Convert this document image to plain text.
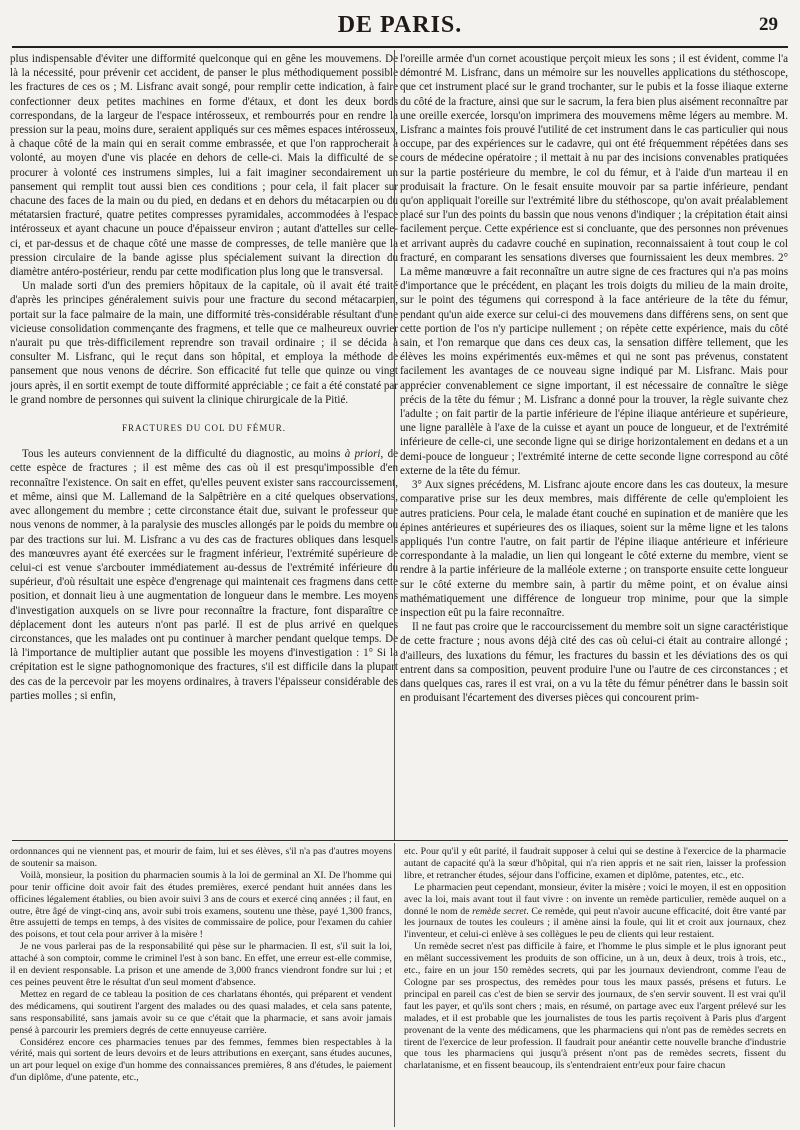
DE PARIS.	29

plus indispensable d'éviter une difformité quelconque qui en gêne les mouvemens. De là la nécessité, pour prévenir cet accident, de panser le plus méthodiquement possible les fractures de ces os ; M. Lisfranc avait songé, pour remplir cette indication, à faire confectionner deux petites machines en forme d'étaux, et dont les deux bords correspondans, de la largeur de l'espace intérosseux, et rembourrés pour en rendre la pression sur la peau, moins dure, seraient appliqués sur ces mêmes espaces intérosseux, à chaque côté de la main qui en serait comme embrassée, et que l'on rapprocherait à volonté, au moyen d'une vis placée en dehors de celle-ci. Mais la difficulté de se procurer à volonté ces instrumens simples, lui a fait imaginer secondairement un pansement qui remplit tout aussi bien ces conditions ; pour cela, il fait placer sur chacune des faces de la main ou du pied, en dedans et en dehors du métacarpien ou du métatarsien fracturé, quatre petites compresses pyramidales, accommodées à l'espace intérosseux et ayant chacune un pouce d'épaisseur environ ; autant d'attelles sur celle-ci, et par-dessus et de chaque côté une masse de compresses, de telle manière que la pression circulaire de la bande agisse plus spécialement suivant la direction du diamètre antéro-postérieur, rendu par cette modification plus long que le transversal.

Un malade sorti d'un des premiers hôpitaux de la capitale, où il avait été traité d'après les principes généralement suivis pour une fracture du second métacarpien, portait sur la face palmaire de la main, une difformité très-considérable résultant d'une vicieuse consolidation commençante des fragmens, et telle que ce malheureux ouvrier n'aurait pu que très-difficilement reprendre son travail ordinaire ; il se décida à consulter M. Lisfranc, qui le reçut dans son hôpital, et employa la méthode de pansement que nous venons de décrire. Son efficacité fut telle que quinze ou vingt jours après, il en sortit exempt de toute difformité appréciable ; ce fait a été constaté par le grand nombre de personnes qui suivent la clinique chirurgicale de la Pitié.

FRACTURES DU COL DU FÉMUR.

Tous les auteurs conviennent de la difficulté du diagnostic, au moins à priori, de cette espèce de fractures ; il est même des cas où il est presqu'impossible d'en reconnaître l'existence. On sait en effet, qu'elles peuvent exister sans raccourcissement, et même, ainsi que M. Lallemand de la Salpêtrière en a cité quelques observations, avec allongement du membre ; cette circonstance était due, suivant le professeur que nous venons de nommer, à la paralysie des muscles allongés par le poids du membre ou par des tractions sur lui. M. Lisfranc a vu des cas de fractures obliques dans lesquels des manœuvres ayant été exercées sur le fragment inférieur, l'extrémité supérieure de celui-ci est venue s'arcbouter immédiatement au-dessus de l'extrémité inférieure du supérieur, d'où résultait une espèce d'engrenage qui maintenait ces fragmens dans cette position, et donnait lieu à une augmentation de longueur dans le membre. Les moyens d'investigation auxquels on se livre pour reconnaître la fracture, font disparaître ce déplacement dont les auteurs n'ont pas parlé. Il est de plus arrivé en quelques circonstances, que les malades ont pu continuer à marcher pendant quelque temps. De là l'importance de multiplier autant que possible les moyens d'investigation : 1° Si la crépitation est le signe pathognomonique des fractures, s'il est difficile dans la plupart des cas de la percevoir par les moyens ordinaires, à travers l'épaisseur considérable des parties molles ; si enfin,

l'oreille armée d'un cornet acoustique perçoit mieux les sons ; il est évident, comme l'a démontré M. Lisfranc, dans un mémoire sur les nouvelles applications du stéthoscope, que cet instrument placé sur le grand trochanter, sur le pubis et la fosse iliaque externe du côté de la fracture, ainsi que sur le sacrum, la fera bien plus aisément reconnaître par une oreille exercée, lorsqu'on imprimera des mouvemens même légers au membre. M. Lisfranc a maintes fois prouvé l'utilité de cet instrument dans le cas particulier qui nous occupe, par des expériences sur le cadavre, qui ont été fréquemment répétées dans ses cours de médecine opératoire ; il mettait à nu par des incisions convenables pratiquées sur la partie postérieure du membre, le col du fémur, et à l'aide d'un marteau il en produisait la fracture. On le fesait ensuite mouvoir par sa partie inférieure, pendant qu'on appliquait l'oreille sur l'extrémité libre du stéthoscope, qu'on avait préalablement placé sur l'un des points du bassin que nous venons d'indiquer ; la crépitation était ainsi facilement perçue. Cette expérience est si concluante, que des personnes non prévenues et arrivant auprès du cadavre couché en supination, reconnaissaient à tout coup le col fracturé, en comparant les sensations diverses que fournissaient les deux membres. 2° La même manœuvre a fait reconnaître un autre signe de ces fractures qui n'a pas moins d'importance que le précédent, en plaçant les trois doigts du milieu de la main droite, sur le point des tégumens qui correspond à la face antérieure de la tête du fémur, pendant qu'un aide exerce sur celui-ci des mouvemens dans différens sens, on sent que cette portion de l'os n'y participe nullement ; on répète cette expérience, mais du côté sain, et l'on remarque que dans ces deux cas, la sensation diffère tellement, que les élèves les moins expérimentés eux-mêmes et qui ne sont pas prévenus, constatent facilement les avantages de ce nouveau signe indiqué par M. Lisfranc. Mais pour apprécier convenablement ce signe important, il est nécessaire de connaître le siège précis de la tête du fémur ; M. Lisfranc a donné pour la trouver, la règle suivante chez l'adulte ; on fait partir de la partie inférieure de l'épine iliaque antérieure et supérieure, une ligne parallèle à l'axe de la cuisse et ayant un pouce de longueur, et de l'extrémité inférieure de celle-ci, une seconde ligne qui se dirige horizontalement en dedans et a un demi-pouce de longueur ; l'extrémité interne de cette seconde ligne correspond au côté externe de la tête du fémur.

3° Aux signes précédens, M. Lisfranc ajoute encore dans les cas douteux, la mesure comparative prise sur les deux membres, mais différente de celle qu'emploient les autres praticiens. Pour cela, le malade étant couché en supination et de manière que les épines antérieures et supérieures des os iliaques, soient sur la même ligne et les talons appliqués l'un contre l'autre, on fait partir de l'épine iliaque antérieure et inférieure correspondante à la maladie, un lien qui longeant le côté externe du membre, vient se rendre à la partie inférieure de la malléole externe ; on transporte ensuite cette longueur sur le côté externe du membre sain, à partir du même point, et on évalue ainsi mathématiquement une différence de longueur trop minime, pour que la simple inspection eût pu la faire reconnaître.

Il ne faut pas croire que le raccourcissement du membre soit un signe caractéristique de cette fracture ; nous avons déjà cité des cas où celui-ci était au contraire allongé ; d'ailleurs, des luxations du fémur, les fractures du bassin et les déviations des os qui entrent dans sa composition, peuvent produire l'une ou l'autre de ces circonstances ; et dans quelques cas, rares il est vrai, on a vu la tête du fémur pénétrer dans le bassin soit en produisant l'écartement des diverses pièces qui concourent prim-

ordonnances qui ne viennent pas, et mourir de faim, lui et ses élèves, s'il n'a pas d'autres moyens de soutenir sa maison.

Voilà, monsieur, la position du pharmacien soumis à la loi de germinal an XI. De l'homme qui pour tenir officine doit avoir fait des études premières, exercé pendant huit années dans les officines légalement établies, ou bien avoir suivi 3 ans de cours et exercé cinq années ; il faut, en outre, être âgé de vingt-cinq ans, avoir subi trois examens, soutenu une thèse, payé 1,300 francs, être assujetti de temps en temps, à des visites de commissaire de police, pour l'examen du cahier des poisons, et tout cela pour arriver à la misère !

Je ne vous parlerai pas de la responsabilité qui pèse sur le pharmacien. Il est, s'il suit la loi, attaché à son comptoir, comme le criminel l'est à son banc. En effet, une erreur est-elle commise, il en devient responsable. La prison et une amende de 3,000 francs viendront fondre sur lui ; et ces peines peuvent être le résultat d'un seul moment d'absence.

Mettez en regard de ce tableau la position de ces charlatans éhontés, qui préparent et vendent des médicamens, qui soutirent l'argent des malades ou des quasi malades, et cela sans patente, sans responsabilité, sans jamais avoir su ce que c'était que la pharmacie, et sans avoir jamais pensé à parcourir les premiers degrés de cette ennuyeuse carrière.

Considérez encore ces pharmacies tenues par des femmes, femmes bien respectables à la vérité, mais qui sortent de leurs devoirs et de leurs attributions en exerçant, sans études aucunes, un art pour lequel on exige d'un homme des connaissances premières, 8 ans d'études, le paiement d'un diplôme, d'une patente, etc.,

etc. Pour qu'il y eût parité, il faudrait supposer à celui qui se destine à l'exercice de la pharmacie autant de capacité qu'à la sœur d'hôpital, qui n'a rien appris et ne sait rien, laisser la profession libre, et retrancher études, séjour dans l'officine, examen et diplôme, patentes, etc., etc.

Le pharmacien peut cependant, monsieur, éviter la misère ; voici le moyen, il est en opposition avec la loi, mais avant tout il faut vivre : on invente un remède particulier, remède auquel on a donné le nom de remède secret. Ce remède, qui peut n'avoir aucune efficacité, doit être vanté par les journaux de toutes les couleurs ; il amène ainsi la foule, qui lit et croit aux journaux, chez l'inventeur, et celui-ci enlève à ses collègues le peu de clients qui leur restaient.

Un remède secret n'est pas difficile à faire, et l'homme le plus simple et le plus ignorant peut en mêlant successivement les produits de son officine, un à un, deux à deux, trois à trois, etc., etc., faire en un jour 150 remèdes secrets, qui par les journaux deviendront, comme l'eau de Cologne par ses prospectus, des remèdes pour tous les maux passés, présens et futurs. Le principal en pareil cas c'est de bien se servir des journaux, de s'en servir souvent. Il est vrai qu'il faut les payer, et qu'ils sont chers ; mais, en résumé, on partage avec eux l'argent prélevé sur les malades, et il est probable que les journalistes de tous les partis reçoivent à Paris plus d'argent provenant de la vente des médicamens, que les pharmaciens qui n'ont pas de remèdes secrets en tirent de l'exercice de leur profession. Il faudrait pour anéantir cette nouvelle branche d'industrie que tous les pharmaciens qui jusqu'à présent n'ont pas de remèdes secrets, fissent du charlatanisme, et en fissent beaucoup, ils s'entendraient entr'eux pour faire chacun
